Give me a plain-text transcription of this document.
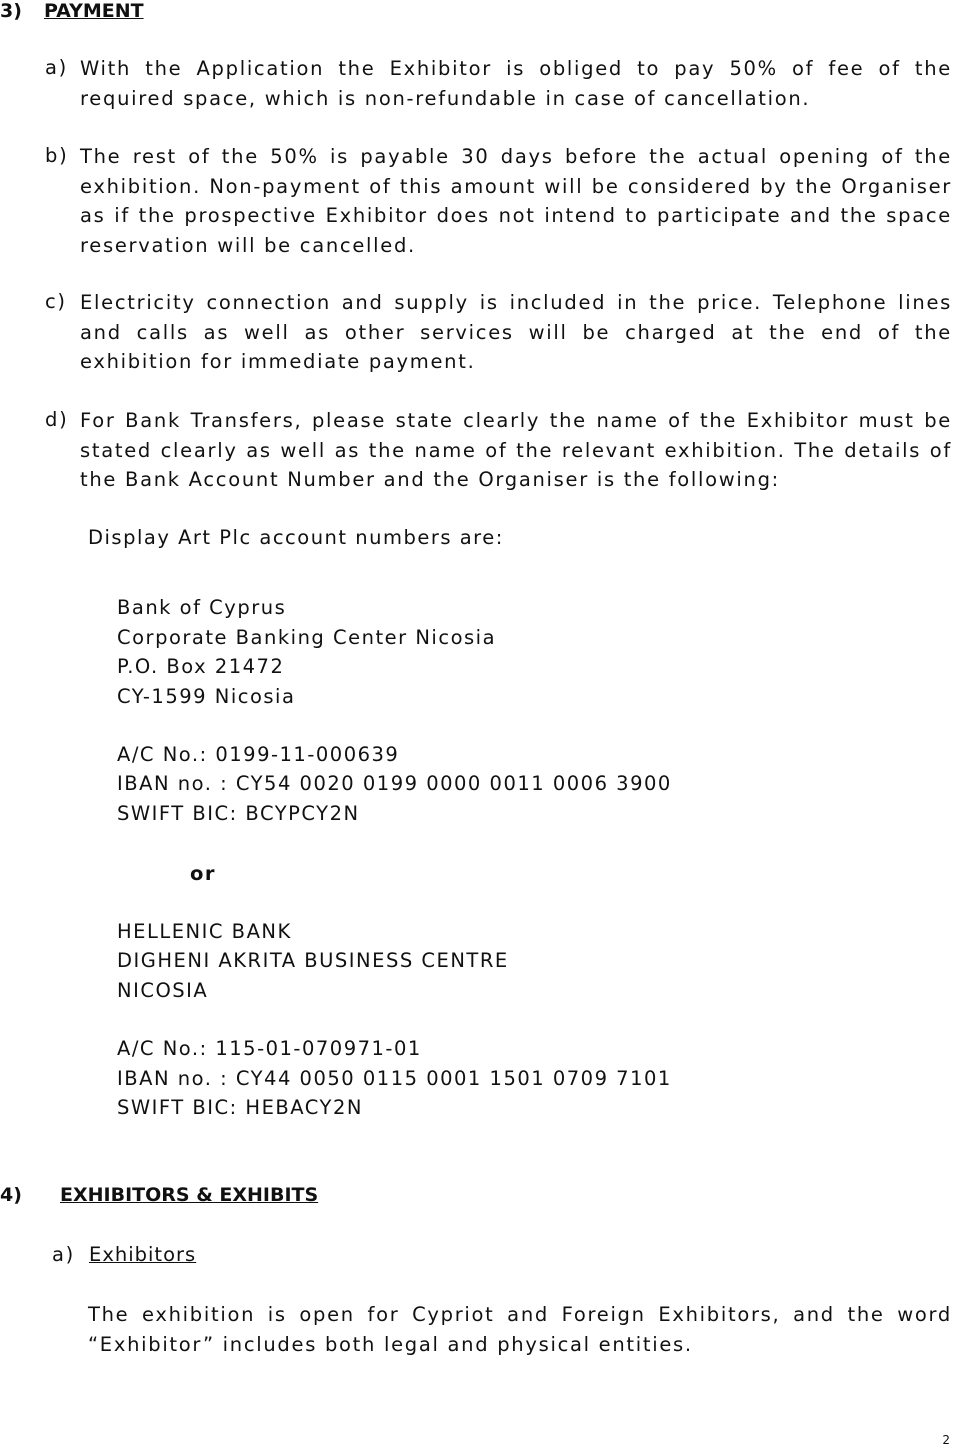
3) PAYMENT
a) With the Application the Exhibitor is obliged to pay 50% of fee of the required space, which is non-refundable in case of cancellation.
b) The rest of the 50% is payable 30 days before the actual opening of the exhibition. Non-payment of this amount will be considered by the Organiser as if the prospective Exhibitor does not intend to participate and the space reservation will be cancelled.
c) Electricity connection and supply is included in the price. Telephone lines and calls as well as other services will be charged at the end of the exhibition for immediate payment.
d) For Bank Transfers, please state clearly the name of the Exhibitor must be stated clearly as well as the name of the relevant exhibition. The details of the Bank Account Number and the Organiser is the following:
Display Art Plc account numbers are:
Bank of Cyprus
Corporate Banking Center Nicosia
P.O. Box 21472
CY-1599 Nicosia
A/C No.: 0199-11-000639
IBAN no. : CY54 0020 0199 0000 0011 0006 3900
SWIFT BIC: BCYPCY2N
or
HELLENIC BANK
DIGHENI AKRITA BUSINESS CENTRE
NICOSIA
A/C No.: 115-01-070971-01
IBAN no. : CY44 0050 0115 0001 1501 0709 7101
SWIFT BIC: HEBACY2N
4) EXHIBITORS & EXHIBITS
a) Exhibitors
The exhibition is open for Cypriot and Foreign Exhibitors, and the word “Exhibitor” includes both legal and physical entities.
2
